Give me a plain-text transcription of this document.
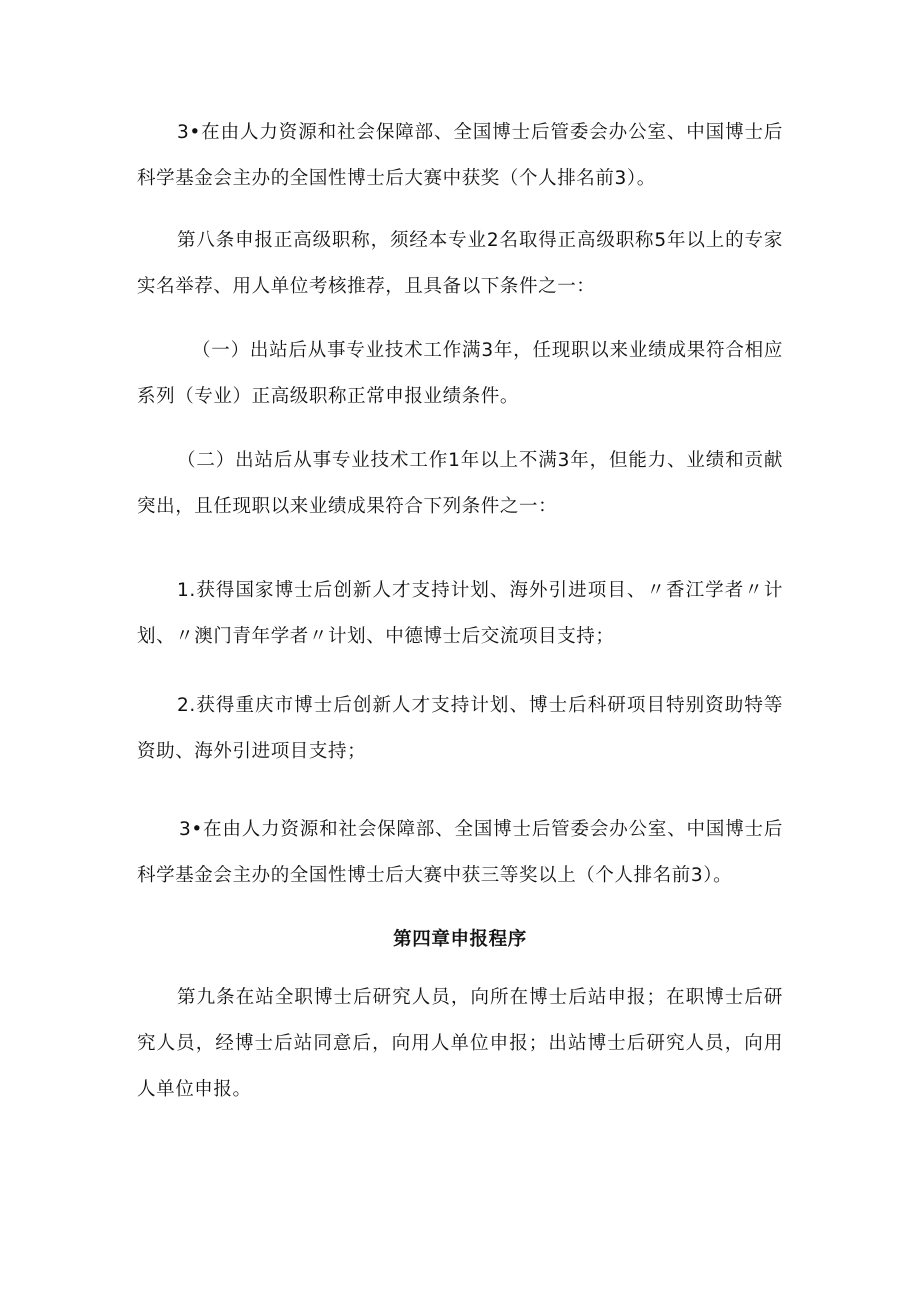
3•在由人力资源和社会保障部、全国博士后管委会办公室、中国博士后科学基金会主办的全国性博士后大赛中获奖（个人排名前3）。

第八条申报正高级职称，须经本专业2名取得正高级职称5年以上的专家实名举荐、用人单位考核推荐，且具备以下条件之一：

（一）出站后从事专业技术工作满3年，任现职以来业绩成果符合相应系列（专业）正高级职称正常申报业绩条件。

（二）出站后从事专业技术工作1年以上不满3年，但能力、业绩和贡献突出，且任现职以来业绩成果符合下列条件之一：

1.获得国家博士后创新人才支持计划、海外引进项目、〃香江学者〃计划、〃澳门青年学者〃计划、中德博士后交流项目支持；

2.获得重庆市博士后创新人才支持计划、博士后科研项目特别资助特等资助、海外引进项目支持；

3•在由人力资源和社会保障部、全国博士后管委会办公室、中国博士后科学基金会主办的全国性博士后大赛中获三等奖以上（个人排名前3）。

第四章申报程序

第九条在站全职博士后研究人员，向所在博士后站申报；在职博士后研究人员，经博士后站同意后，向用人单位申报；出站博士后研究人员，向用人单位申报。
